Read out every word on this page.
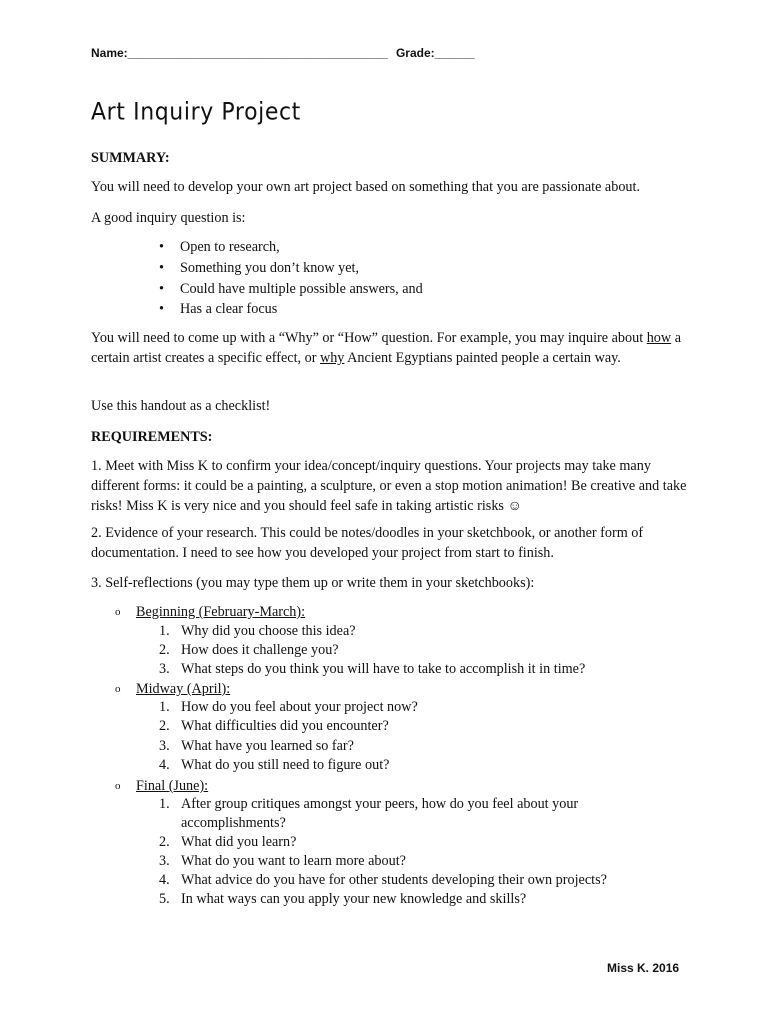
Name:_______________________________________ Grade:______
Art Inquiry Project
SUMMARY:
You will need to develop your own art project based on something that you are passionate about.
A good inquiry question is:
• Open to research,
• Something you don’t know yet,
• Could have multiple possible answers, and
• Has a clear focus
You will need to come up with a “Why” or “How” question. For example, you may inquire about how a certain artist creates a specific effect, or why Ancient Egyptians painted people a certain way.
Use this handout as a checklist!
REQUIREMENTS:
1. Meet with Miss K to confirm your idea/concept/inquiry questions. Your projects may take many different forms: it could be a painting, a sculpture, or even a stop motion animation! Be creative and take risks! Miss K is very nice and you should feel safe in taking artistic risks ☺
2. Evidence of your research. This could be notes/doodles in your sketchbook, or another form of documentation. I need to see how you developed your project from start to finish.
3. Self-reflections (you may type them up or write them in your sketchbooks):
o Beginning (February-March):
1. Why did you choose this idea?
2. How does it challenge you?
3. What steps do you think you will have to take to accomplish it in time?
o Midway (April):
1. How do you feel about your project now?
2. What difficulties did you encounter?
3. What have you learned so far?
4. What do you still need to figure out?
o Final (June):
1. After group critiques amongst your peers, how do you feel about your accomplishments?
2. What did you learn?
3. What do you want to learn more about?
4. What advice do you have for other students developing their own projects?
5. In what ways can you apply your new knowledge and skills?
Miss K. 2016
